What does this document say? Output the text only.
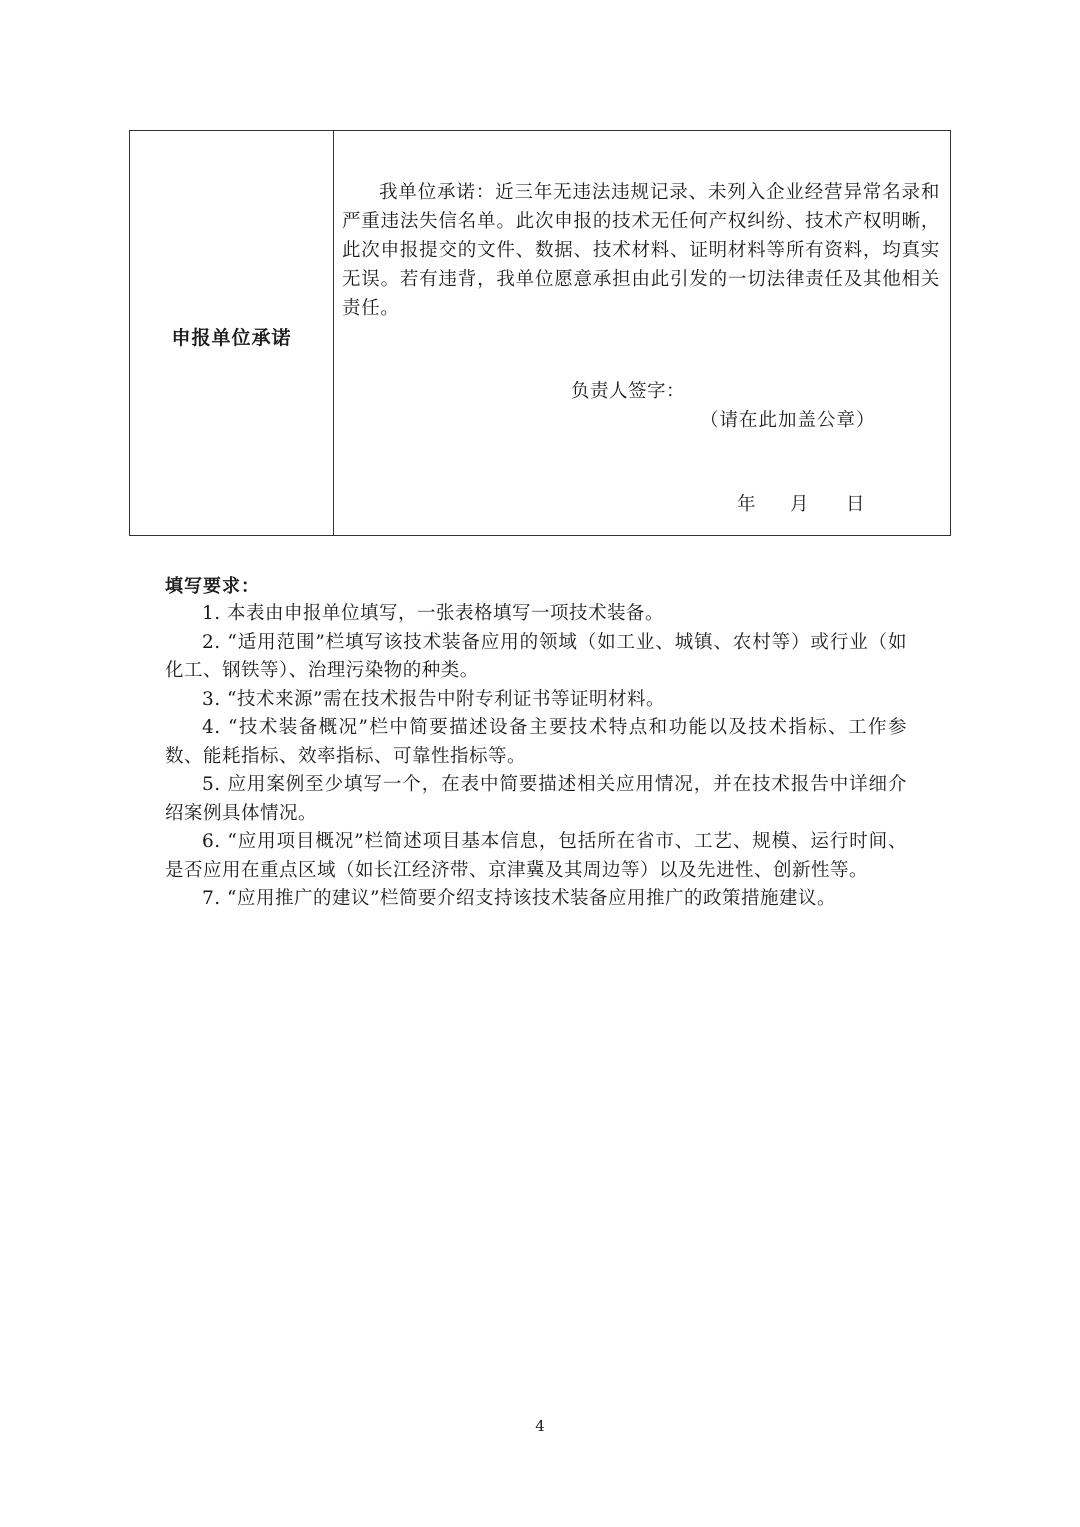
申报单位承诺

我单位承诺：近三年无违法违规记录、未列入企业经营异常名录和严重违法失信名单。此次申报的技术无任何产权纠纷、技术产权明晰，此次申报提交的文件、数据、技术材料、证明材料等所有资料，均真实无误。若有违背，我单位愿意承担由此引发的一切法律责任及其他相关责任。

负责人签字：
（请在此加盖公章）
年 月 日
填写要求：
1. 本表由申报单位填写，一张表格填写一项技术装备。
2. “适用范围”栏填写该技术装备应用的领域（如工业、城镇、农村等）或行业（如化工、钢铁等）、治理污染物的种类。
3. “技术来源”需在技术报告中附专利证书等证明材料。
4. “技术装备概况”栏中简要描述设备主要技术特点和功能以及技术指标、工作参数、能耗指标、效率指标、可靠性指标等。
5. 应用案例至少填写一个，在表中简要描述相关应用情况，并在技术报告中详细介绍案例具体情况。
6. “应用项目概况”栏简述项目基本信息，包括所在省市、工艺、规模、运行时间、是否应用在重点区域（如长江经济带、京津冀及其周边等）以及先进性、创新性等。
7. “应用推广的建议”栏简要介绍支持该技术装备应用推广的政策措施建议。
4
